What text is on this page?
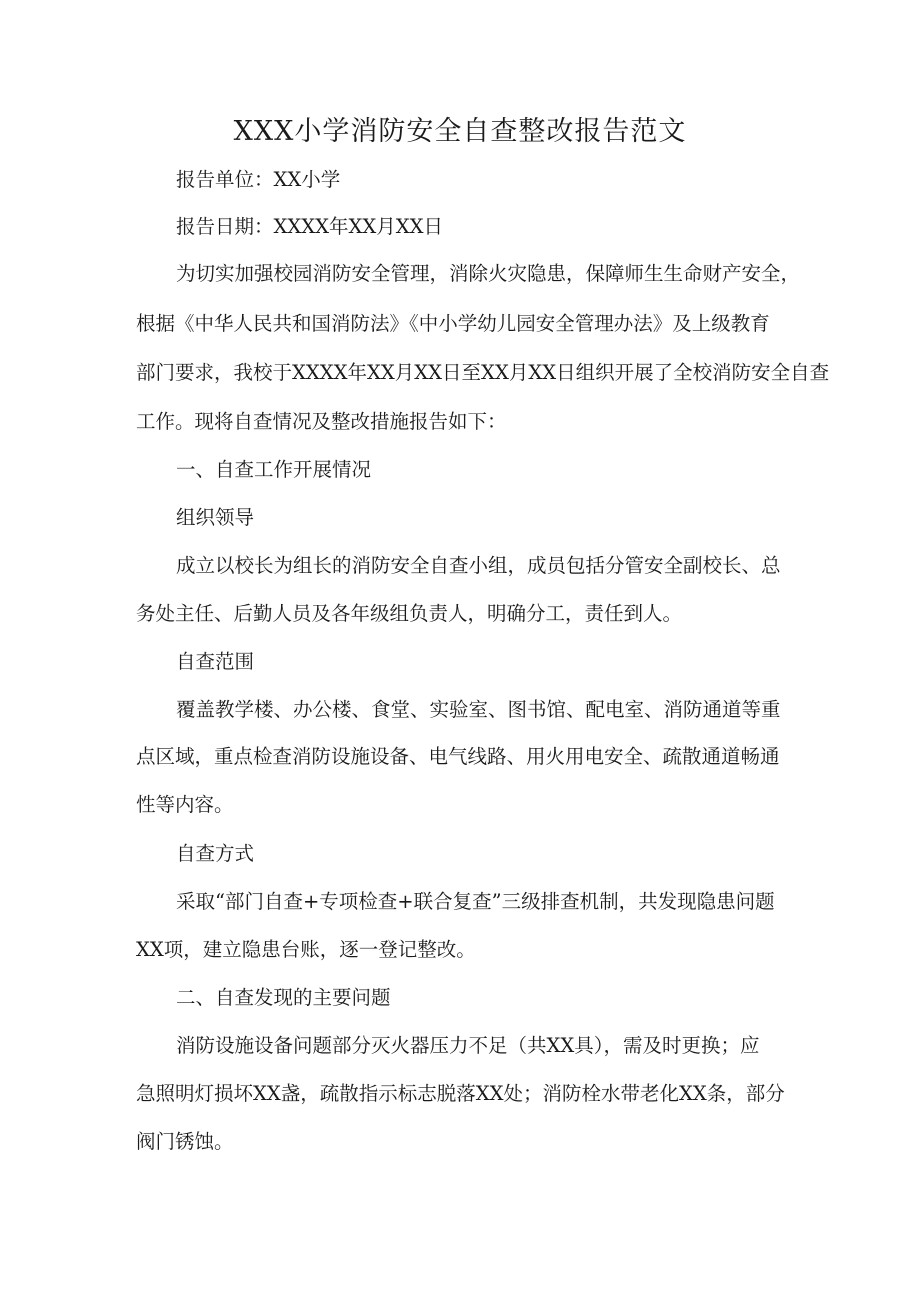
XXX小学消防安全自查整改报告范文
报告单位：XX小学
报告日期：XXXX年XX月XX日
为切实加强校园消防安全管理，消除火灾隐患，保障师生生命财产安全，
根据《中华人民共和国消防法》《中小学幼儿园安全管理办法》及上级教育
部门要求，我校于XXXX年XX月XX日至XX月XX日组织开展了全校消防安全自查
工作。现将自查情况及整改措施报告如下：
一、自查工作开展情况
组织领导
成立以校长为组长的消防安全自查小组，成员包括分管安全副校长、总
务处主任、后勤人员及各年级组负责人，明确分工，责任到人。
自查范围
覆盖教学楼、办公楼、食堂、实验室、图书馆、配电室、消防通道等重
点区域，重点检查消防设施设备、电气线路、用火用电安全、疏散通道畅通
性等内容。
自查方式
采取“部门自查+专项检查+联合复查”三级排查机制，共发现隐患问题
XX项，建立隐患台账，逐一登记整改。
二、自查发现的主要问题
消防设施设备问题部分灭火器压力不足（共XX具），需及时更换；应
急照明灯损坏XX盏，疏散指示标志脱落XX处；消防栓水带老化XX条，部分
阀门锈蚀。
